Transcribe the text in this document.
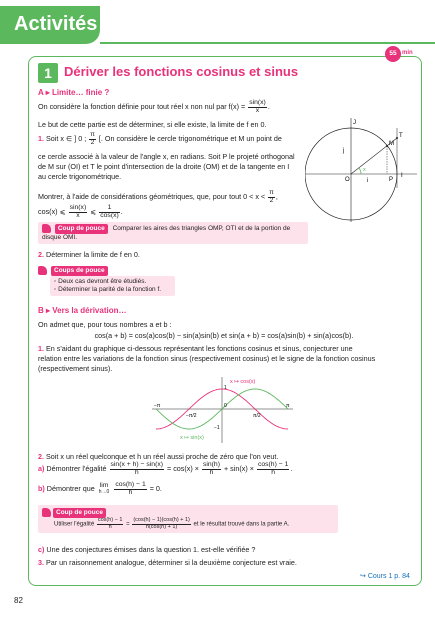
Activités
55 min
1 Dériver les fonctions cosinus et sinus
A ▸ Limite… finie ?
On considère la fonction définie pour tout réel x non nul par $f(x) = \frac{\sin(x)}{x}$ .
Le but de cette partie est de déterminer, si elle existe, la limite de f en 0.
1. Soit x ∈ ] 0 ; $\frac{\pi}{2}$ [. On considère le cercle trigonométrique et M un point de
ce cercle associé à la valeur de l'angle x, en radians. Soit P le projeté orthogonal
de M sur (OI) et T le point d'intersection de la droite (OM) et de la tangente en I
au cercle trigonométrique.
Montrer, à l'aide de considérations géométriques, que, pour tout $0 < x < \frac{\pi}{2}$ ,
cos(x) ⩽ $\frac{\sin(x)}{x}$ ⩽ $\frac{1}{\cos(x)}$ .
O
I
P
M
T
J
j
i
x
Coup de pouce Comparer les aires des triangles OMP, OTI et de la portion de disque OMI.
2. Déterminer la limite de f en 0.
Coups de pouce
◦ Deux cas devront être étudiés.
◦ Déterminer la parité de la fonction f.
B ▸ Vers la dérivation…
On admet que, pour tous nombres a et b :
cos(a + b) = cos(a)cos(b) − sin(a)sin(b) et sin(a + b) = cos(a)sin(b) + sin(a)cos(b).
1. En s'aidant du graphique ci-dessous représentant les fonctions cosinus et sinus, conjecturer une
relation entre les variations de la fonction sinus (respectivement cosinus) et le signe de la fonction cosinus
(respectivement sinus).
x ↦ cos(x)
x ↦ sin(x)
−π	π
0
1
−1
−π/2	π/2
2. Soit x un réel quelconque et h un réel aussi proche de zéro que l'on veut.
a) Démontrer l'égalité $\frac{\sin(x + h) - \sin(x)}{h} = \cos(x) \times \frac{\sin(h)}{h} + \sin(x) \times \frac{\cos(h) - 1}{h}$ .
b) Démontrer que lim
h→0
$\frac{\cos(h) - 1}{h} = 0$.
Coup de pouce
Utiliser l'égalité $\frac{\cos(h) - 1}{h} = \frac{(\cos(h) - 1)(\cos(h) + 1)}{h(\cos(h) + 1)}$ et le résultat trouvé dans la partie A.
c) Une des conjectures émises dans la question 1. est-elle vérifiée ?
3. Par un raisonnement analogue, déterminer si la deuxième conjecture est vraie.
↪ Cours 1 p. 84
82
